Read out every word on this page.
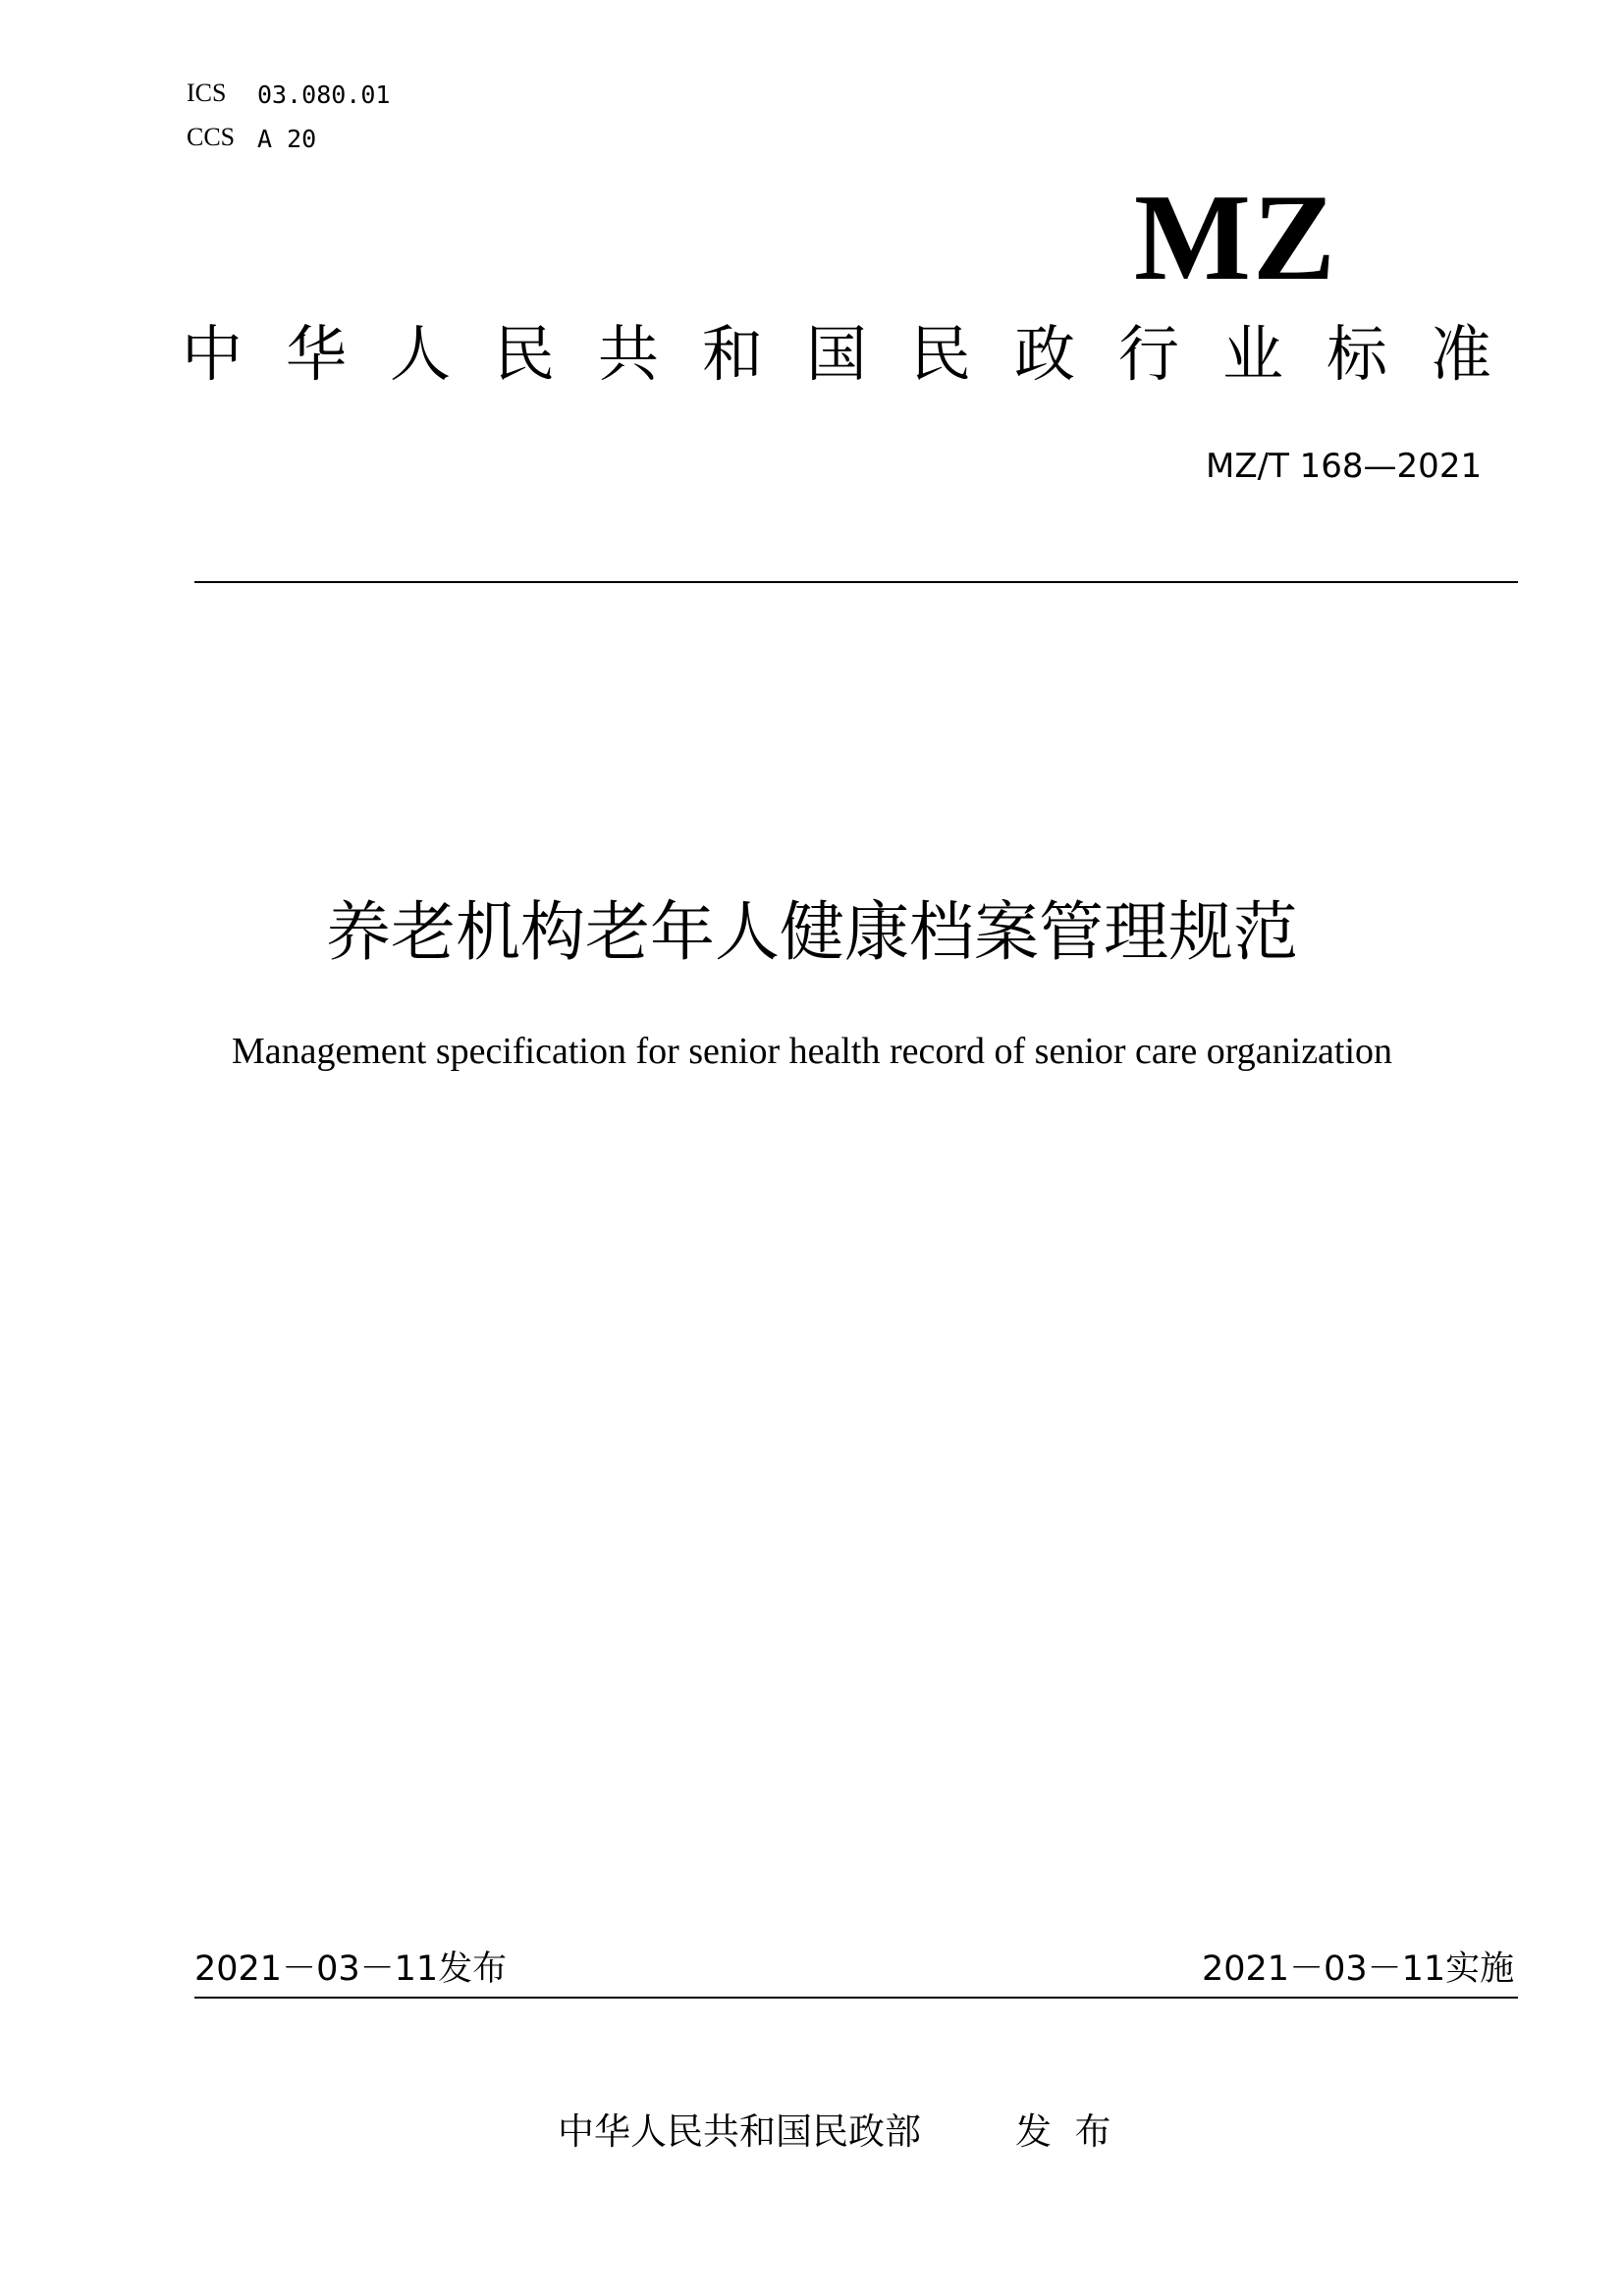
ICS 03.080.01
CCS A 20
MZ
中华人民共和国民政行业标准
MZ/T 168—2021
养老机构老年人健康档案管理规范
Management specification for senior health record of senior care organization
2021－03－11发布	2021－03－11实施
中华人民共和国民政部	发  布
